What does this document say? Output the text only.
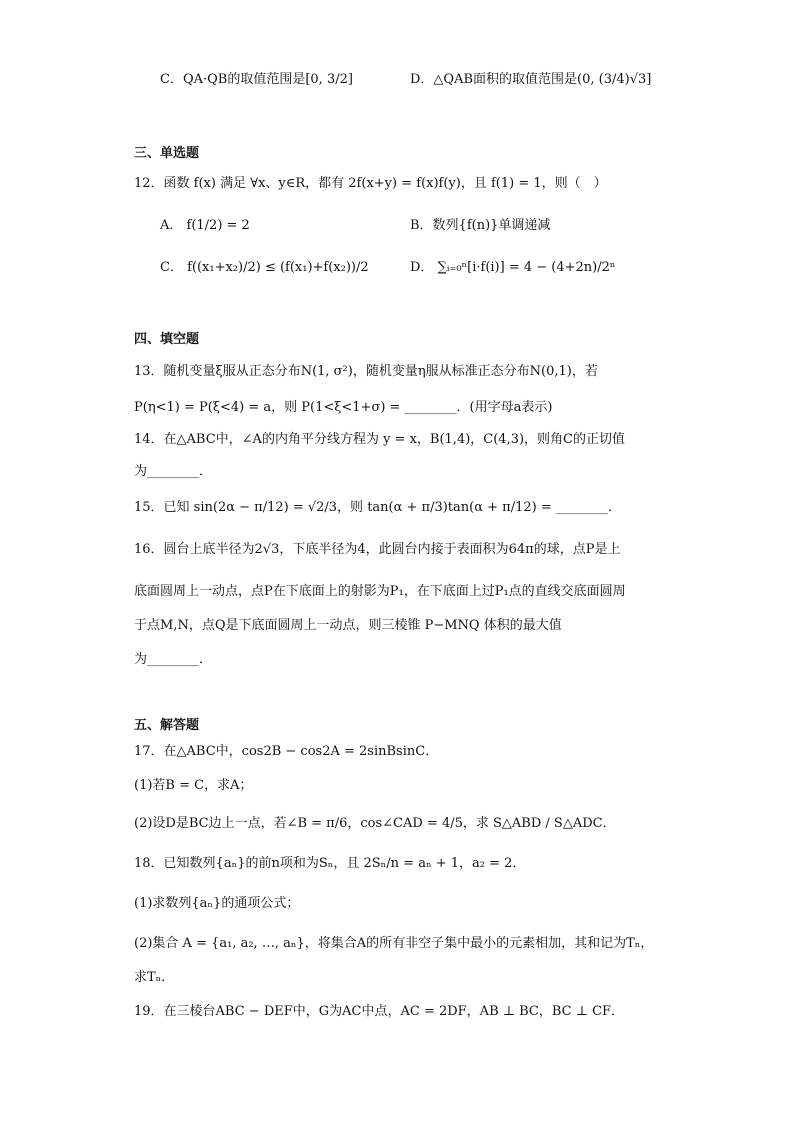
C．QA·QB的取值范围是[0, 3/2]	D．△QAB面积的取值范围是(0, (3/4)√3]
三、单选题
12．函数 f(x) 满足 ∀x、y∈R，都有 2f(x+y) = f(x)f(y)，且 f(1) = 1，则（　）
A． f(1/2) = 2	B．数列{f(n)}单调递减
C． f((x₁+x₂)/2) ≤ (f(x₁)+f(x₂))/2	D． ∑ᵢ₌₀ⁿ[i·f(i)] = 4 − (4+2n)/2ⁿ
四、填空题
13．随机变量ξ服从正态分布N(1, σ²)，随机变量η服从标准正态分布N(0,1)，若
P(η<1) = P(ξ<4) = a，则 P(1<ξ<1+σ) = ________．(用字母a表示)
14．在△ABC中，∠A的内角平分线方程为 y = x，B(1,4)，C(4,3)，则角C的正切值
为________．
15．已知 sin(2α − π/12) = √2/3，则 tan(α + π/3)tan(α + π/12) = ________．
16．圆台上底半径为2√3，下底半径为4，此圆台内接于表面积为64π的球，点P是上
底面圆周上一动点，点P在下底面上的射影为P₁，在下底面上过P₁点的直线交底面圆周
于点M,N，点Q是下底面圆周上一动点，则三棱锥 P−MNQ 体积的最大值
为________．
五、解答题
17．在△ABC中，cos2B − cos2A = 2sinBsinC．
(1)若B = C，求A；
(2)设D是BC边上一点，若∠B = π/6，cos∠CAD = 4/5，求 S△ABD / S△ADC．
18．已知数列{aₙ}的前n项和为Sₙ，且 2Sₙ/n = aₙ + 1，a₂ = 2．
(1)求数列{aₙ}的通项公式；
(2)集合 A = {a₁, a₂, …, aₙ}，将集合A的所有非空子集中最小的元素相加，其和记为Tₙ，
求Tₙ．
19．在三棱台ABC − DEF中，G为AC中点，AC = 2DF，AB ⊥ BC，BC ⊥ CF．
